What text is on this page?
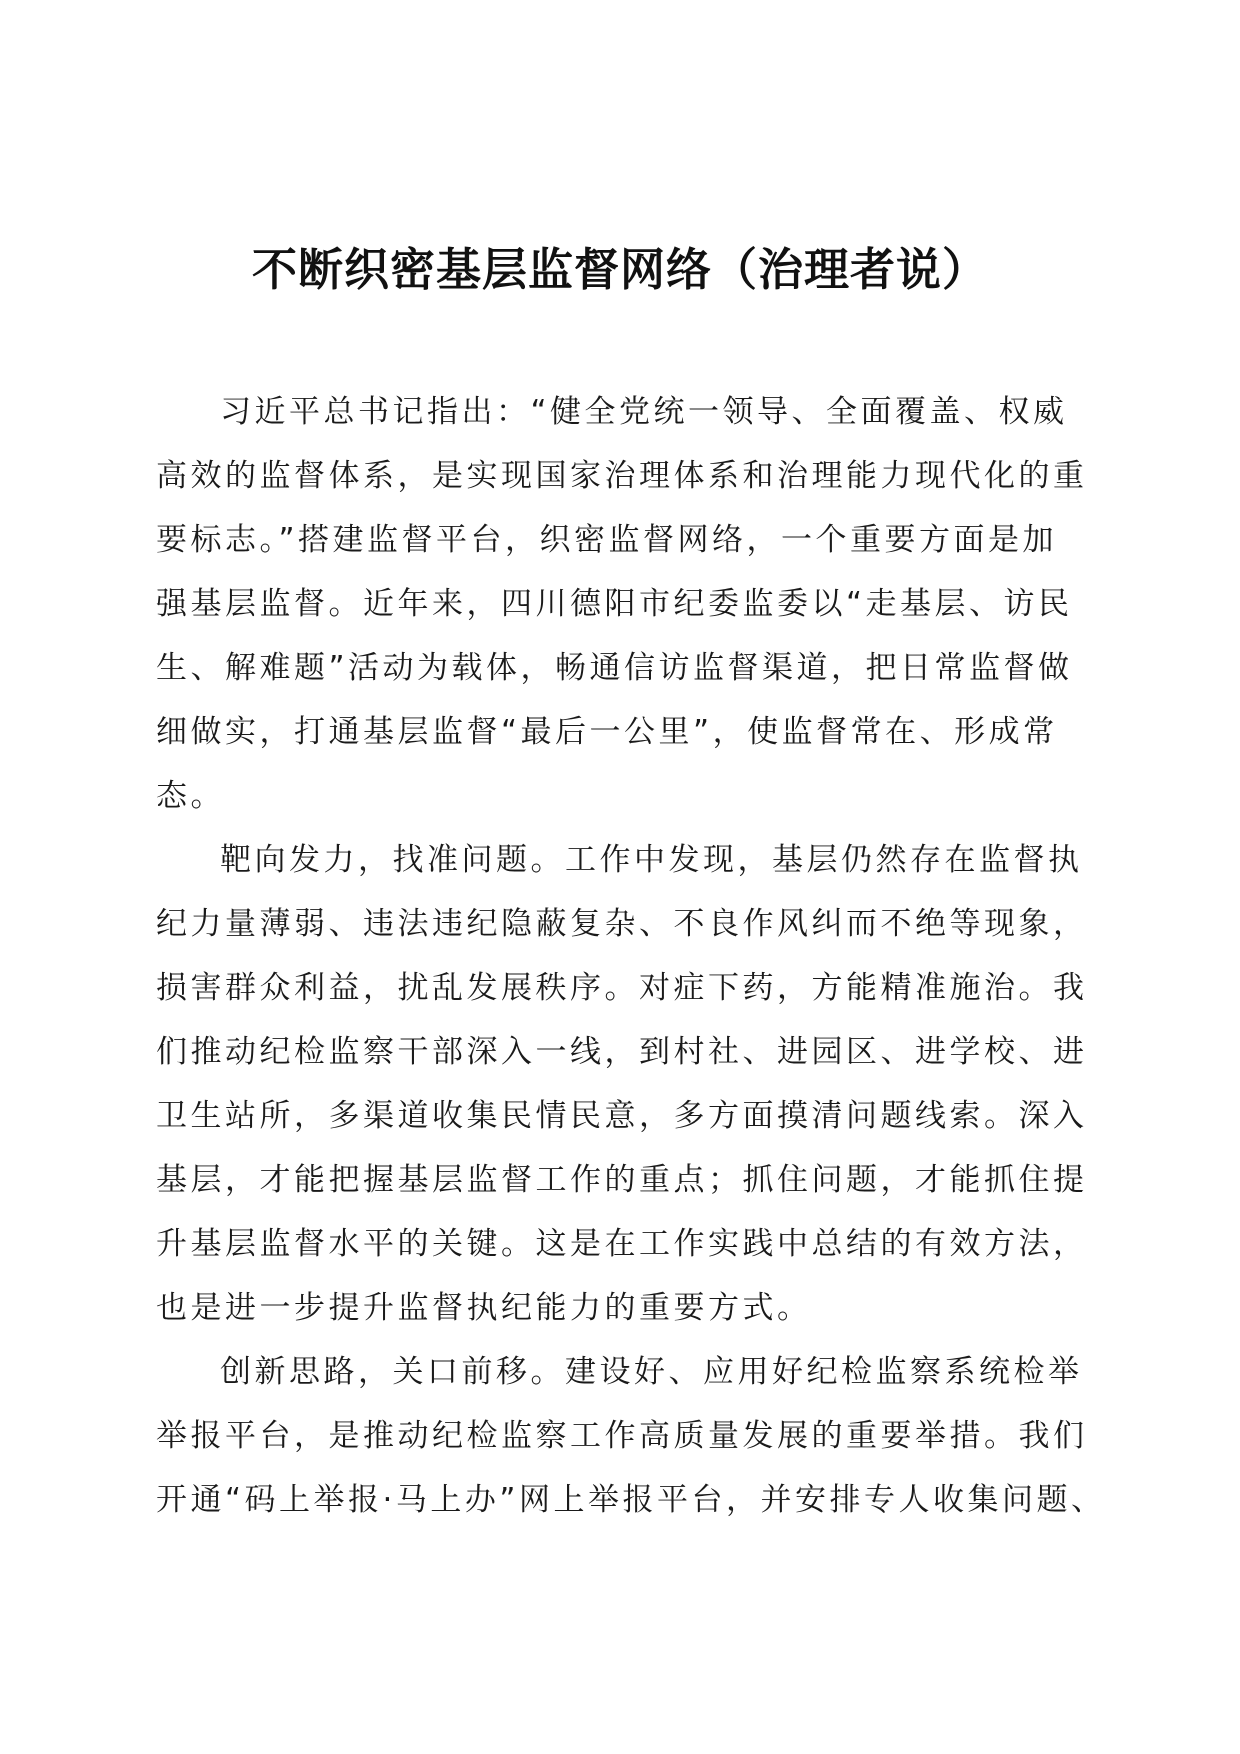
不断织密基层监督网络（治理者说）
习近平总书记指出：“健全党统一领导、全面覆盖、权威
高效的监督体系，是实现国家治理体系和治理能力现代化的重
要标志。”搭建监督平台，织密监督网络，一个重要方面是加
强基层监督。近年来，四川德阳市纪委监委以“走基层、访民
生、解难题”活动为载体，畅通信访监督渠道，把日常监督做
细做实，打通基层监督“最后一公里”，使监督常在、形成常
态。
靶向发力，找准问题。工作中发现，基层仍然存在监督执
纪力量薄弱、违法违纪隐蔽复杂、不良作风纠而不绝等现象，
损害群众利益，扰乱发展秩序。对症下药，方能精准施治。我
们推动纪检监察干部深入一线，到村社、进园区、进学校、进
卫生站所，多渠道收集民情民意，多方面摸清问题线索。深入
基层，才能把握基层监督工作的重点；抓住问题，才能抓住提
升基层监督水平的关键。这是在工作实践中总结的有效方法，
也是进一步提升监督执纪能力的重要方式。
创新思路，关口前移。建设好、应用好纪检监察系统检举
举报平台，是推动纪检监察工作高质量发展的重要举措。我们
开通“码上举报·马上办”网上举报平台，并安排专人收集问题、
